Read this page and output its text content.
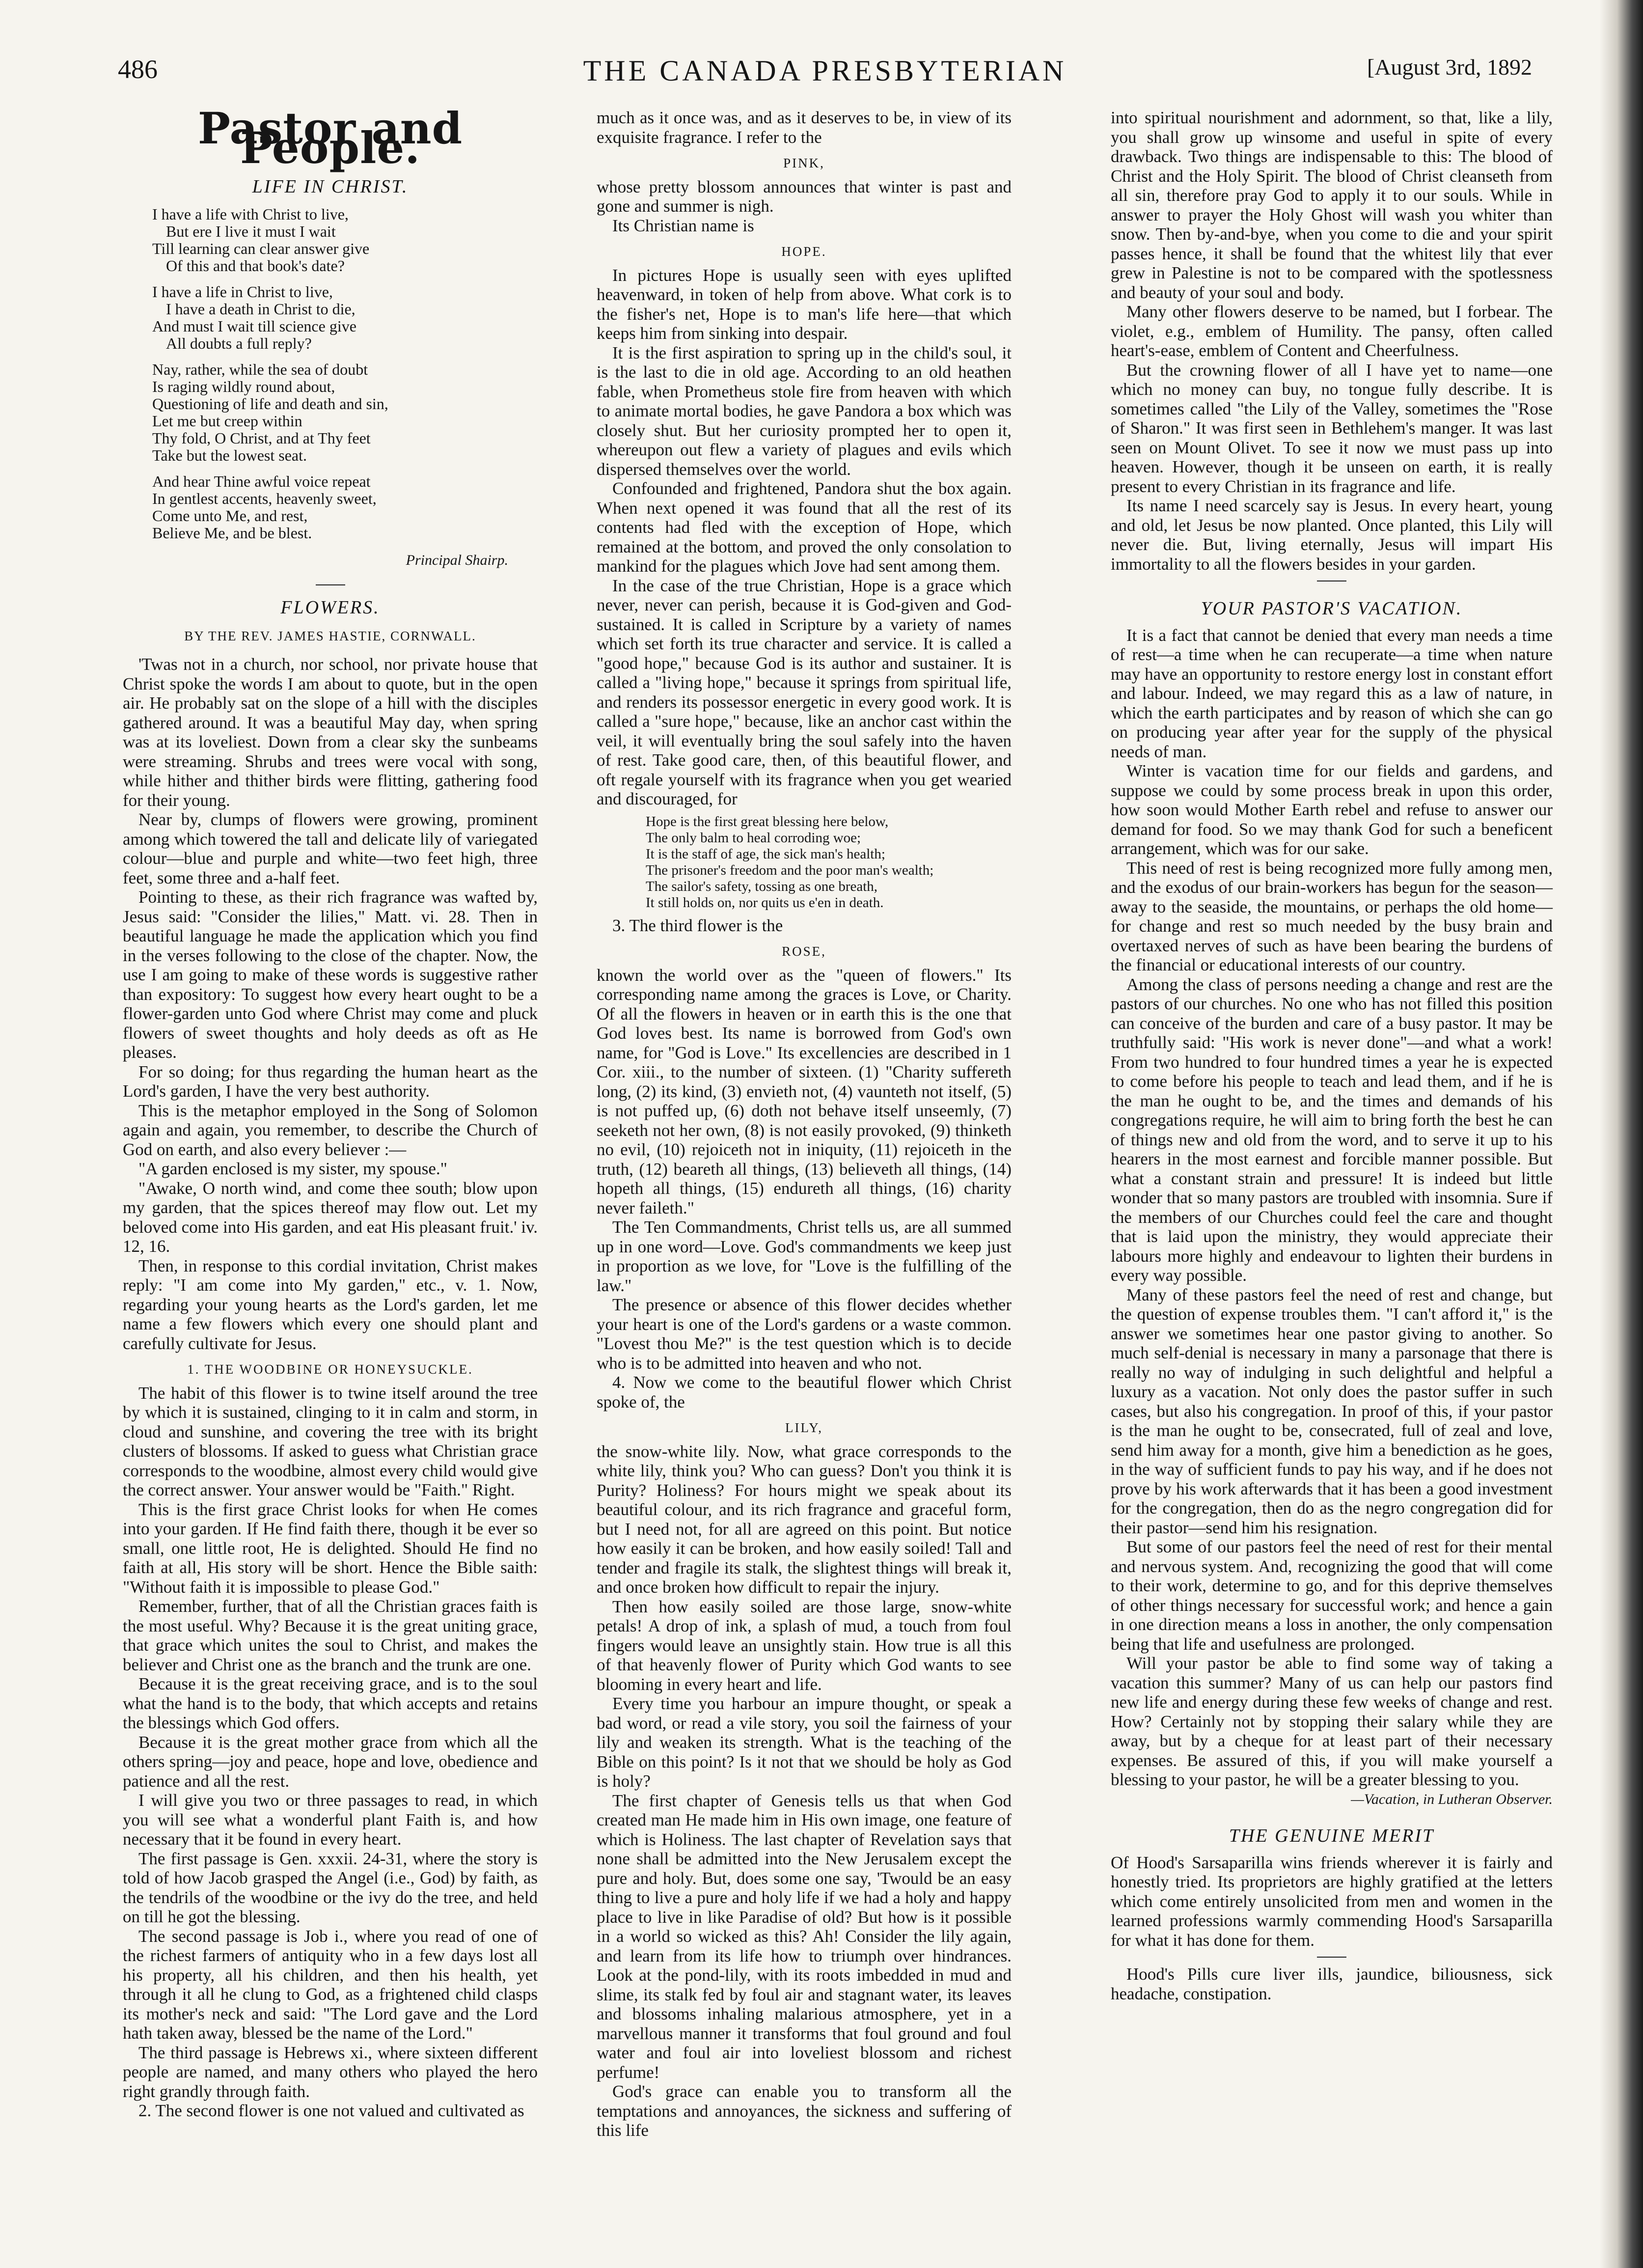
486	THE CANADA PRESBYTERIAN	[August 3rd, 1892
Pastor and People.
LIFE IN CHRIST.
I have a life with Christ to live,
But ere I live it must I wait
Till learning can clear answer give
Of this and that book's date?
I have a life in Christ to live,
I have a death in Christ to die,
And must I wait till science give
All doubts a full reply?
Nay, rather, while the sea of doubt
Is raging wildly round about,
Questioning of life and death and sin,
Let me but creep within
Thy fold, O Christ, and at Thy feet
Take but the lowest seat.
And hear Thine awful voice repeat
In gentlest accents, heavenly sweet,
Come unto Me, and rest,
Believe Me, and be blest.
Principal Shairp.
FLOWERS.
BY THE REV. JAMES HASTIE, CORNWALL.

'Twas not in a church, nor school, nor private house that Christ spoke the words I am about to quote, but in the open air. He probably sat on the slope of a hill with the disciples gathered around. It was a beautiful May day, when spring was at its loveliest. Down from a clear sky the sunbeams were streaming. Shrubs and trees were vocal with song, while hither and thither birds were flitting, gathering food for their young.

Near by, clumps of flowers were growing, prominent among which towered the tall and delicate lily of variegated colour—blue and purple and white—two feet high, three feet, some three and a-half feet.

Pointing to these, as their rich fragrance was wafted by, Jesus said: "Consider the lilies," Matt. vi. 28. Then in beautiful language he made the application which you find in the verses following to the close of the chapter. Now, the use I am going to make of these words is suggestive rather than expository: To suggest how every heart ought to be a flower-garden unto God where Christ may come and pluck flowers of sweet thoughts and holy deeds as oft as He pleases.

For so doing; for thus regarding the human heart as the Lord's garden, I have the very best authority.

This is the metaphor employed in the Song of Solomon again and again, you remember, to describe the Church of God on earth, and also every believer :—

"A garden enclosed is my sister, my spouse."

"Awake, O north wind, and come thee south; blow upon my garden, that the spices thereof may flow out. Let my beloved come into His garden, and eat His pleasant fruit.' iv. 12, 16.

Then, in response to this cordial invitation, Christ makes reply: "I am come into My garden," etc., v. 1. Now, regarding your young hearts as the Lord's garden, let me name a few flowers which every one should plant and carefully cultivate for Jesus.

1. THE WOODBINE OR HONEYSUCKLE.

The habit of this flower is to twine itself around the tree by which it is sustained, clinging to it in calm and storm, in cloud and sunshine, and covering the tree with its bright clusters of blossoms. If asked to guess what Christian grace corresponds to the woodbine, almost every child would give the correct answer. Your answer would be "Faith." Right.

This is the first grace Christ looks for when He comes into your garden. If He find faith there, though it be ever so small, one little root, He is delighted. Should He find no faith at all, His story will be short. Hence the Bible saith: "Without faith it is impossible to please God."

Remember, further, that of all the Christian graces faith is the most useful. Why? Because it is the great uniting grace, that grace which unites the soul to Christ, and makes the believer and Christ one as the branch and the trunk are one.

Because it is the great receiving grace, and is to the soul what the hand is to the body, that which accepts and retains the blessings which God offers.

Because it is the great mother grace from which all the others spring—joy and peace, hope and love, obedience and patience and all the rest.

I will give you two or three passages to read, in which you will see what a wonderful plant Faith is, and how necessary that it be found in every heart.

The first passage is Gen. xxxii. 24-31, where the story is told of how Jacob grasped the Angel (i.e., God) by faith, as the tendrils of the woodbine or the ivy do the tree, and held on till he got the blessing.

The second passage is Job i., where you read of one of the richest farmers of antiquity who in a few days lost all his property, all his children, and then his health, yet through it all he clung to God, as a frightened child clasps its mother's neck and said: "The Lord gave and the Lord hath taken away, blessed be the name of the Lord."

The third passage is Hebrews xi., where sixteen different people are named, and many others who played the hero right grandly through faith.

2. The second flower is one not valued and cultivated as

much as it once was, and as it deserves to be, in view of its exquisite fragrance. I refer to the

PINK,

whose pretty blossom announces that winter is past and gone and summer is nigh.

Its Christian name is

HOPE.

In pictures Hope is usually seen with eyes uplifted heavenward, in token of help from above. What cork is to the fisher's net, Hope is to man's life here—that which keeps him from sinking into despair.

It is the first aspiration to spring up in the child's soul, it is the last to die in old age. According to an old heathen fable, when Prometheus stole fire from heaven with which to animate mortal bodies, he gave Pandora a box which was closely shut. But her curiosity prompted her to open it, whereupon out flew a variety of plagues and evils which dispersed themselves over the world.

Confounded and frightened, Pandora shut the box again. When next opened it was found that all the rest of its contents had fled with the exception of Hope, which remained at the bottom, and proved the only consolation to mankind for the plagues which Jove had sent among them.

In the case of the true Christian, Hope is a grace which never, never can perish, because it is God-given and God-sustained. It is called in Scripture by a variety of names which set forth its true character and service. It is called a "good hope," because God is its author and sustainer. It is called a "living hope," because it springs from spiritual life, and renders its possessor energetic in every good work. It is called a "sure hope," because, like an anchor cast within the veil, it will eventually bring the soul safely into the haven of rest. Take good care, then, of this beautiful flower, and oft regale yourself with its fragrance when you get wearied and discouraged, for

Hope is the first great blessing here below,
The only balm to heal corroding woe;
It is the staff of age, the sick man's health;
The prisoner's freedom and the poor man's wealth;
The sailor's safety, tossing as one breath,
It still holds on, nor quits us e'en in death.

3. The third flower is the

ROSE,

known the world over as the "queen of flowers." Its corresponding name among the graces is Love, or Charity. Of all the flowers in heaven or in earth this is the one that God loves best. Its name is borrowed from God's own name, for "God is Love." Its excellencies are described in 1 Cor. xiii., to the number of sixteen. (1) "Charity suffereth long, (2) its kind, (3) envieth not, (4) vaunteth not itself, (5) is not puffed up, (6) doth not behave itself unseemly, (7) seeketh not her own, (8) is not easily provoked, (9) thinketh no evil, (10) rejoiceth not in iniquity, (11) rejoiceth in the truth, (12) beareth all things, (13) believeth all things, (14) hopeth all things, (15) endureth all things, (16) charity never faileth."

The Ten Commandments, Christ tells us, are all summed up in one word—Love. God's commandments we keep just in proportion as we love, for "Love is the fulfilling of the law."

The presence or absence of this flower decides whether your heart is one of the Lord's gardens or a waste common. "Lovest thou Me?" is the test question which is to decide who is to be admitted into heaven and who not.

4. Now we come to the beautiful flower which Christ spoke of, the

LILY,

the snow-white lily. Now, what grace corresponds to the white lily, think you? Who can guess? Don't you think it is Purity? Holiness? For hours might we speak about its beautiful colour, and its rich fragrance and graceful form, but I need not, for all are agreed on this point. But notice how easily it can be broken, and how easily soiled! Tall and tender and fragile its stalk, the slightest things will break it, and once broken how difficult to repair the injury.

Then how easily soiled are those large, snow-white petals! A drop of ink, a splash of mud, a touch from foul fingers would leave an unsightly stain. How true is all this of that heavenly flower of Purity which God wants to see blooming in every heart and life.

Every time you harbour an impure thought, or speak a bad word, or read a vile story, you soil the fairness of your lily and weaken its strength. What is the teaching of the Bible on this point? Is it not that we should be holy as God is holy?

The first chapter of Genesis tells us that when God created man He made him in His own image, one feature of which is Holiness. The last chapter of Revelation says that none shall be admitted into the New Jerusalem except the pure and holy. But, does some one say, 'Twould be an easy thing to live a pure and holy life if we had a holy and happy place to live in like Paradise of old? But how is it possible in a world so wicked as this? Ah! Consider the lily again, and learn from its life how to triumph over hindrances. Look at the pond-lily, with its roots imbedded in mud and slime, its stalk fed by foul air and stagnant water, its leaves and blossoms inhaling malarious atmosphere, yet in a marvellous manner it transforms that foul ground and foul water and foul air into loveliest blossom and richest perfume!

God's grace can enable you to transform all the temptations and annoyances, the sickness and suffering of this life

into spiritual nourishment and adornment, so that, like a lily, you shall grow up winsome and useful in spite of every drawback. Two things are indispensable to this: The blood of Christ and the Holy Spirit. The blood of Christ cleanseth from all sin, therefore pray God to apply it to our souls. While in answer to prayer the Holy Ghost will wash you whiter than snow. Then by-and-bye, when you come to die and your spirit passes hence, it shall be found that the whitest lily that ever grew in Palestine is not to be compared with the spotlessness and beauty of your soul and body.

Many other flowers deserve to be named, but I forbear. The violet, e.g., emblem of Humility. The pansy, often called heart's-ease, emblem of Content and Cheerfulness.

But the crowning flower of all I have yet to name—one which no money can buy, no tongue fully describe. It is sometimes called "the Lily of the Valley, sometimes the "Rose of Sharon." It was first seen in Bethlehem's manger. It was last seen on Mount Olivet. To see it now we must pass up into heaven. However, though it be unseen on earth, it is really present to every Christian in its fragrance and life.

Its name I need scarcely say is Jesus. In every heart, young and old, let Jesus be now planted. Once planted, this Lily will never die. But, living eternally, Jesus will impart His immortality to all the flowers besides in your garden.

YOUR PASTOR'S VACATION.

It is a fact that cannot be denied that every man needs a time of rest—a time when he can recuperate—a time when nature may have an opportunity to restore energy lost in constant effort and labour. Indeed, we may regard this as a law of nature, in which the earth participates and by reason of which she can go on producing year after year for the supply of the physical needs of man.

Winter is vacation time for our fields and gardens, and suppose we could by some process break in upon this order, how soon would Mother Earth rebel and refuse to answer our demand for food. So we may thank God for such a beneficent arrangement, which was for our sake.

This need of rest is being recognized more fully among men, and the exodus of our brain-workers has begun for the season—away to the seaside, the mountains, or perhaps the old home—for change and rest so much needed by the busy brain and overtaxed nerves of such as have been bearing the burdens of the financial or educational interests of our country.

Among the class of persons needing a change and rest are the pastors of our churches. No one who has not filled this position can conceive of the burden and care of a busy pastor. It may be truthfully said: "His work is never done"—and what a work! From two hundred to four hundred times a year he is expected to come before his people to teach and lead them, and if he is the man he ought to be, and the times and demands of his congregations require, he will aim to bring forth the best he can of things new and old from the word, and to serve it up to his hearers in the most earnest and forcible manner possible. But what a constant strain and pressure! It is indeed but little wonder that so many pastors are troubled with insomnia. Sure if the members of our Churches could feel the care and thought that is laid upon the ministry, they would appreciate their labours more highly and endeavour to lighten their burdens in every way possible.

Many of these pastors feel the need of rest and change, but the question of expense troubles them. "I can't afford it," is the answer we sometimes hear one pastor giving to another. So much self-denial is necessary in many a parsonage that there is really no way of indulging in such delightful and helpful a luxury as a vacation. Not only does the pastor suffer in such cases, but also his congregation. In proof of this, if your pastor is the man he ought to be, consecrated, full of zeal and love, send him away for a month, give him a benediction as he goes, in the way of sufficient funds to pay his way, and if he does not prove by his work afterwards that it has been a good investment for the congregation, then do as the negro congregation did for their pastor—send him his resignation.

But some of our pastors feel the need of rest for their mental and nervous system. And, recognizing the good that will come to their work, determine to go, and for this deprive themselves of other things necessary for successful work; and hence a gain in one direction means a loss in another, the only compensation being that life and usefulness are prolonged.

Will your pastor be able to find some way of taking a vacation this summer? Many of us can help our pastors find new life and energy during these few weeks of change and rest. How? Certainly not by stopping their salary while they are away, but by a cheque for at least part of their necessary expenses. Be assured of this, if you will make yourself a blessing to your pastor, he will be a greater blessing to you.

—Vacation, in Lutheran Observer.

THE GENUINE MERIT

Of Hood's Sarsaparilla wins friends wherever it is fairly and honestly tried. Its proprietors are highly gratified at the letters which come entirely unsolicited from men and women in the learned professions warmly commending Hood's Sarsaparilla for what it has done for them.

Hood's Pills cure liver ills, jaundice, biliousness, sick headache, constipation.
